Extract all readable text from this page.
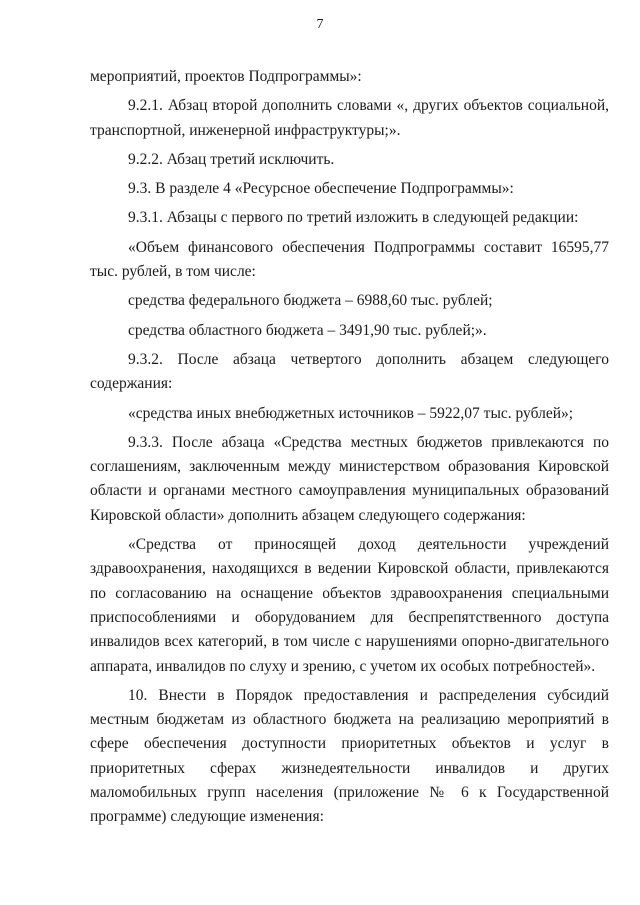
7

мероприятий, проектов Подпрограммы»:

9.2.1. Абзац второй дополнить словами «, других объектов социальной, транспортной, инженерной инфраструктуры;».

9.2.2. Абзац третий исключить.

9.3. В разделе 4 «Ресурсное обеспечение Подпрограммы»:

9.3.1. Абзацы с первого по третий изложить в следующей редакции:

«Объем финансового обеспечения Подпрограммы составит 16595,77 тыс. рублей, в том числе:

средства федерального бюджета – 6988,60 тыс. рублей;

средства областного бюджета – 3491,90 тыс. рублей;».

9.3.2. После абзаца четвертого дополнить абзацем следующего содержания:

«средства иных внебюджетных источников – 5922,07 тыс. рублей»;

9.3.3. После абзаца «Средства местных бюджетов привлекаются по соглашениям, заключенным между министерством образования Кировской области и органами местного самоуправления муниципальных образований Кировской области» дополнить абзацем следующего содержания:

«Средства от приносящей доход деятельности учреждений здравоохранения, находящихся в ведении Кировской области, привлекаются по согласованию на оснащение объектов здравоохранения специальными приспособлениями и оборудованием для беспрепятственного доступа инвалидов всех категорий, в том числе с нарушениями опорно-двигательного аппарата, инвалидов по слуху и зрению, с учетом их особых потребностей».

10. Внести в Порядок предоставления и распределения субсидий местным бюджетам из областного бюджета на реализацию мероприятий в сфере обеспечения доступности приоритетных объектов и услуг в приоритетных сферах жизнедеятельности инвалидов и других маломобильных групп населения (приложение № 6 к Государственной программе) следующие изменения:
